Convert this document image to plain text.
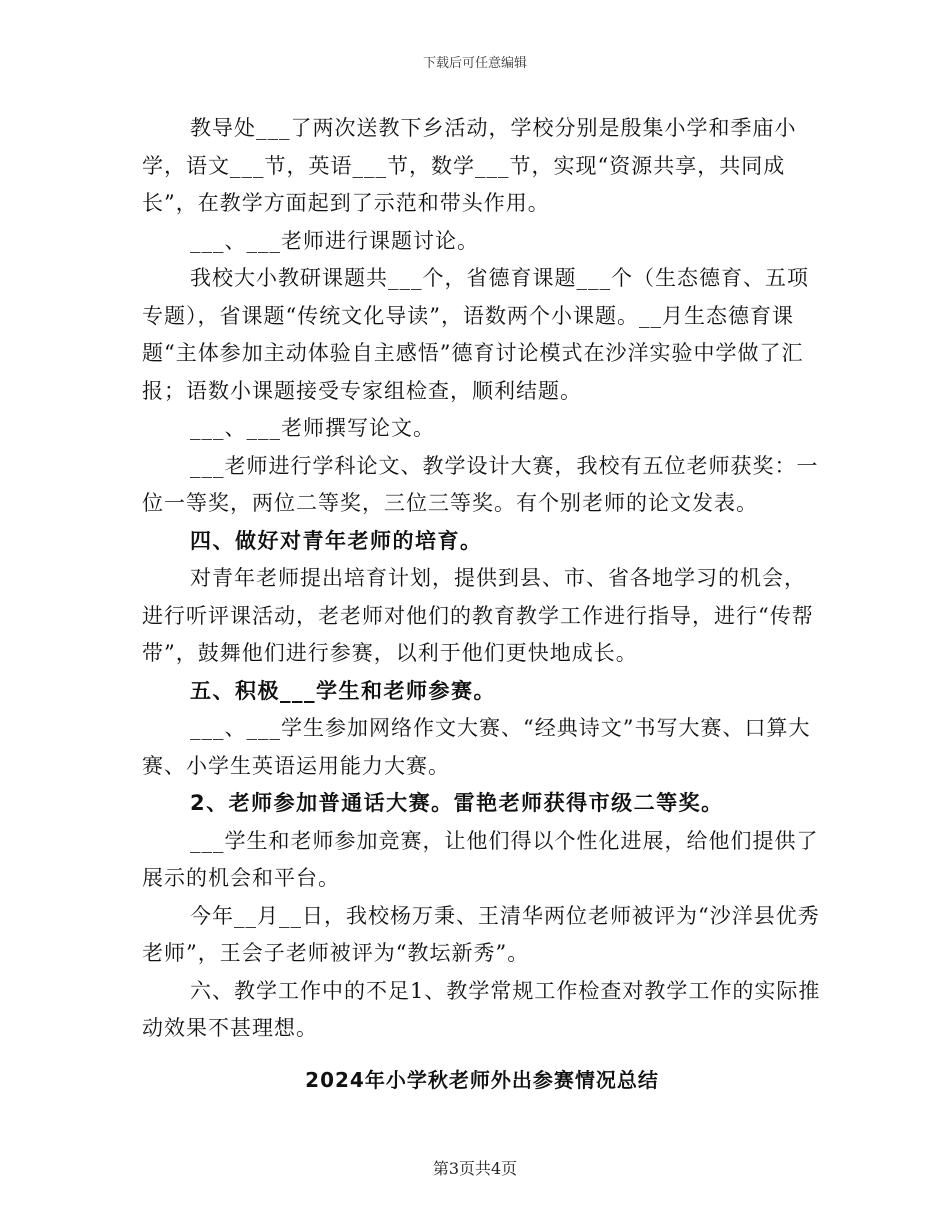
下载后可任意编辑

教导处___了两次送教下乡活动，学校分别是殷集小学和季庙小学，语文___节，英语___节，数学___节，实现“资源共享，共同成长”，在教学方面起到了示范和带头作用。

___、___老师进行课题讨论。

我校大小教研课题共___个，省德育课题___个（生态德育、五项专题），省课题“传统文化导读”，语数两个小课题。__月生态德育课题“主体参加主动体验自主感悟”德育讨论模式在沙洋实验中学做了汇报；语数小课题接受专家组检查，顺利结题。

___、___老师撰写论文。

___老师进行学科论文、教学设计大赛，我校有五位老师获奖：一位一等奖，两位二等奖，三位三等奖。有个别老师的论文发表。

四、做好对青年老师的培育。

对青年老师提出培育计划，提供到县、市、省各地学习的机会，进行听评课活动，老老师对他们的教育教学工作进行指导，进行“传帮带”，鼓舞他们进行参赛，以利于他们更快地成长。

五、积极___学生和老师参赛。

___、___学生参加网络作文大赛、“经典诗文”书写大赛、口算大赛、小学生英语运用能力大赛。

2、老师参加普通话大赛。雷艳老师获得市级二等奖。

___学生和老师参加竞赛，让他们得以个性化进展，给他们提供了展示的机会和平台。

今年__月__日，我校杨万秉、王清华两位老师被评为“沙洋县优秀老师”，王会子老师被评为“教坛新秀”。

六、教学工作中的不足1、教学常规工作检查对教学工作的实际推动效果不甚理想。

2024年小学秋老师外出参赛情况总结

第3页共4页
